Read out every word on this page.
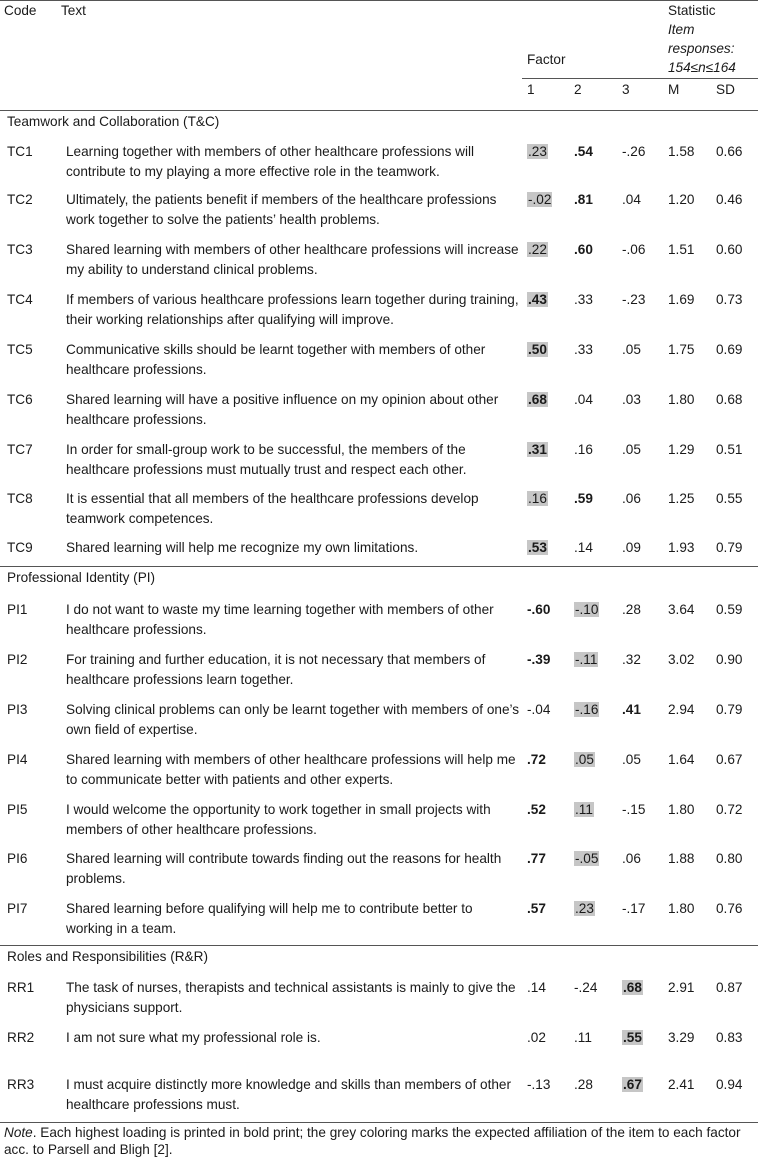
Code Text	Statistic
Item
responses:
154≤n≤164
Factor
1	2	3	M	SD
Teamwork and Collaboration (T&C)
TC1 Learning together with members of other healthcare professions will contribute to my playing a more effective role in the teamwork.
.23 .54 -.26 1.58 0.66
TC2 Ultimately, the patients benefit if members of the healthcare professions work together to solve the patients’ health problems.
-.02 .81 .04 1.20 0.46
TC3 Shared learning with members of other healthcare professions will increase my ability to understand clinical problems.
.22 .60 -.06 1.51 0.60
TC4 If members of various healthcare professions learn together during training, their working relationships after qualifying will improve.
.43 .33 -.23 1.69 0.73
TC5 Communicative skills should be learnt together with members of other healthcare professions.
.50 .33 .05 1.75 0.69
TC6 Shared learning will have a positive influence on my opinion about other healthcare professions.
.68 .04 .03 1.80 0.68
TC7 In order for small-group work to be successful, the members of the healthcare professions must mutually trust and respect each other.
.31 .16 .05 1.29 0.51
TC8 It is essential that all members of the healthcare professions develop teamwork competences.
.16 .59 .06 1.25 0.55
TC9 Shared learning will help me recognize my own limitations.	.53 .14 .09 1.93 0.79
Professional Identity (PI)
PI1	I do not want to waste my time learning together with members of other healthcare professions.
-.60 -.10 .28 3.64 0.59
PI2	For training and further education, it is not necessary that members of healthcare professions learn together.
-.39 -.11 .32 3.02 0.90
PI3	Solving clinical problems can only be learnt together with members of one’s own field of expertise.
-.04 -.16 .41 2.94 0.79
PI4	Shared learning with members of other healthcare professions will help me to communicate better with patients and other experts.
.72 .05 .05 1.64 0.67
PI5	I would welcome the opportunity to work together in small projects with members of other healthcare professions.
.52 .11 -.15 1.80 0.72
PI6	Shared learning will contribute towards finding out the reasons for health problems.
.77 -.05 .06 1.88 0.80
PI7	Shared learning before qualifying will help me to contribute better to working in a team.
.57 .23 -.17 1.80 0.76
Roles and Responsibilities (R&R)
RR1 The task of nurses, therapists and technical assistants is mainly to give the physicians support.
.14 -.24 .68 2.91 0.87
RR2 I am not sure what my professional role is.	.02 .11 .55 3.29 0.83
RR3 I must acquire distinctly more knowledge and skills than members of other healthcare professions must.
-.13 .28 .67 2.41 0.94
Note. Each highest loading is printed in bold print; the grey coloring marks the expected affiliation of the item to each factor acc. to Parsell and Bligh [2].
